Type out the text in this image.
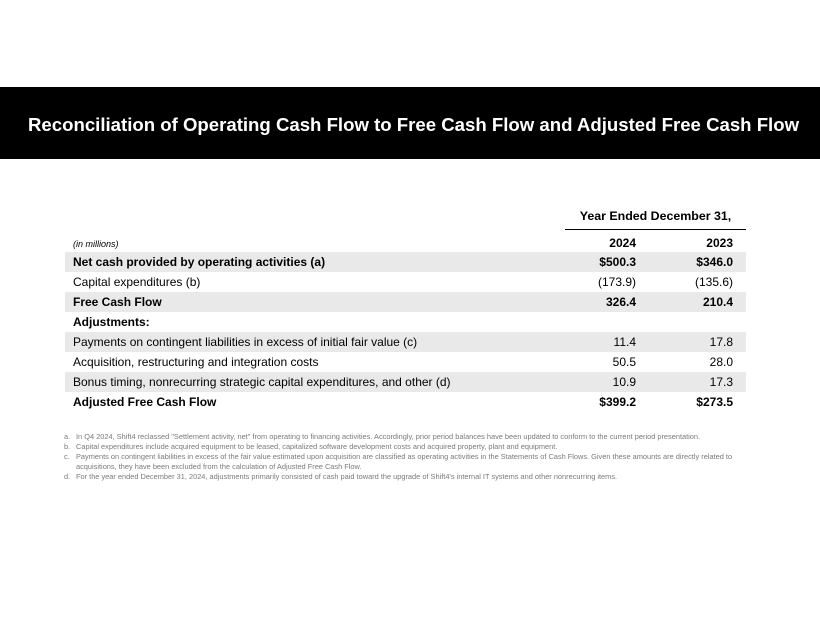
Reconciliation of Operating Cash Flow to Free Cash Flow and Adjusted Free Cash Flow
Year Ended December 31,
(in millions)	2024	2023
Net cash provided by operating activities (a)	$500.3	$346.0
Capital expenditures (b)	(173.9)	(135.6)
Free Cash Flow	326.4	210.4
Adjustments:
Payments on contingent liabilities in excess of initial fair value (c)	11.4	17.8
Acquisition, restructuring and integration costs	50.5	28.0
Bonus timing, nonrecurring strategic capital expenditures, and other (d)	10.9	17.3
Adjusted Free Cash Flow	$399.2	$273.5
a. In Q4 2024, Shift4 reclassed "Settlement activity, net" from operating to financing activities. Accordingly, prior period balances have been updated to conform to the current period presentation.
b. Capital expenditures include acquired equipment to be leased, capitalized software development costs and acquired property, plant and equipment.
c. Payments on contingent liabilities in excess of the fair value estimated upon acquisition are classified as operating activities in the Statements of Cash Flows. Given these amounts are directly related to acquisitions, they have been excluded from the calculation of Adjusted Free Cash Flow.
d. For the year ended December 31, 2024, adjustments primarily consisted of cash paid toward the upgrade of Shift4's internal IT systems and other nonrecurring items.
